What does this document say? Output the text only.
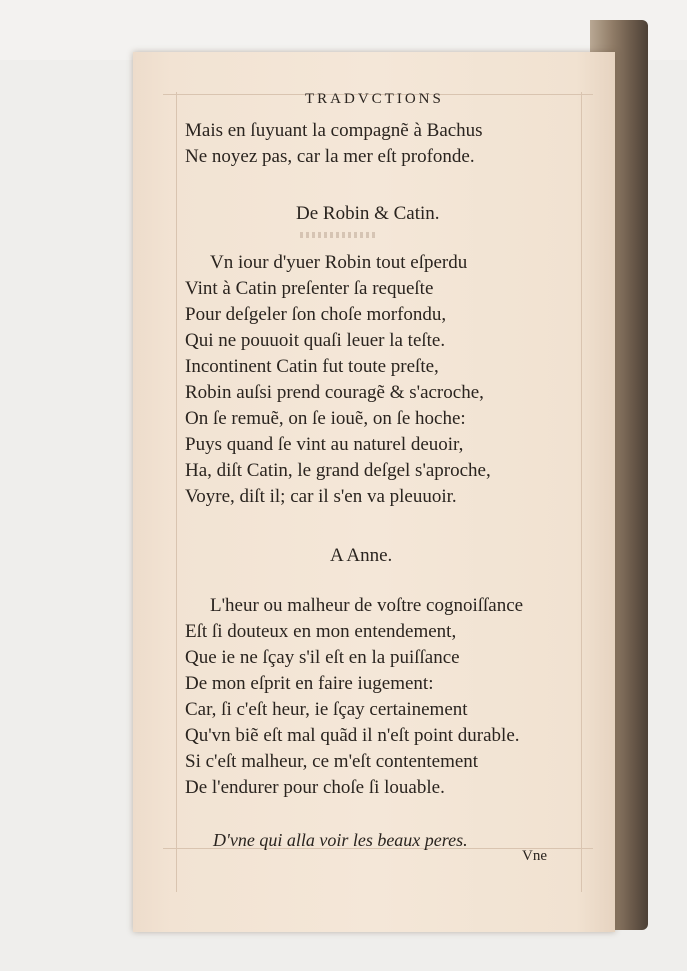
TRADVCTIONS
Mais en ſuyuant la compagnẽ à Bachus
Ne noyez pas, car la mer eſt profonde.
De Robin & Catin.
Vn iour d'yuer Robin tout eſperdu
Vint à Catin preſenter ſa requeſte
Pour deſgeler ſon choſe morfondu,
Qui ne pouuoit quaſi leuer la teſte.
Incontinent Catin fut toute preſte,
Robin auſsi prend couragẽ & s'acroche,
On ſe remuẽ, on ſe iouẽ, on ſe hoche:
Puys quand ſe vint au naturel deuoir,
Ha, diſt Catin, le grand deſgel s'aproche,
Voyre, diſt il; car il s'en va pleuuoir.
A Anne.
L'heur ou malheur de voſtre cognoiſſance
Eſt ſi douteux en mon entendement,
Que ie ne ſçay s'il eſt en la puiſſance
De mon eſprit en faire iugement:
Car, ſi c'eſt heur, ie ſçay certainement
Qu'vn biẽ eſt mal quãd il n'eſt point durable.
Si c'eſt malheur, ce m'eſt contentement
De l'endurer pour choſe ſi louable.
D'vne qui alla voir les beaux peres.
Vne
